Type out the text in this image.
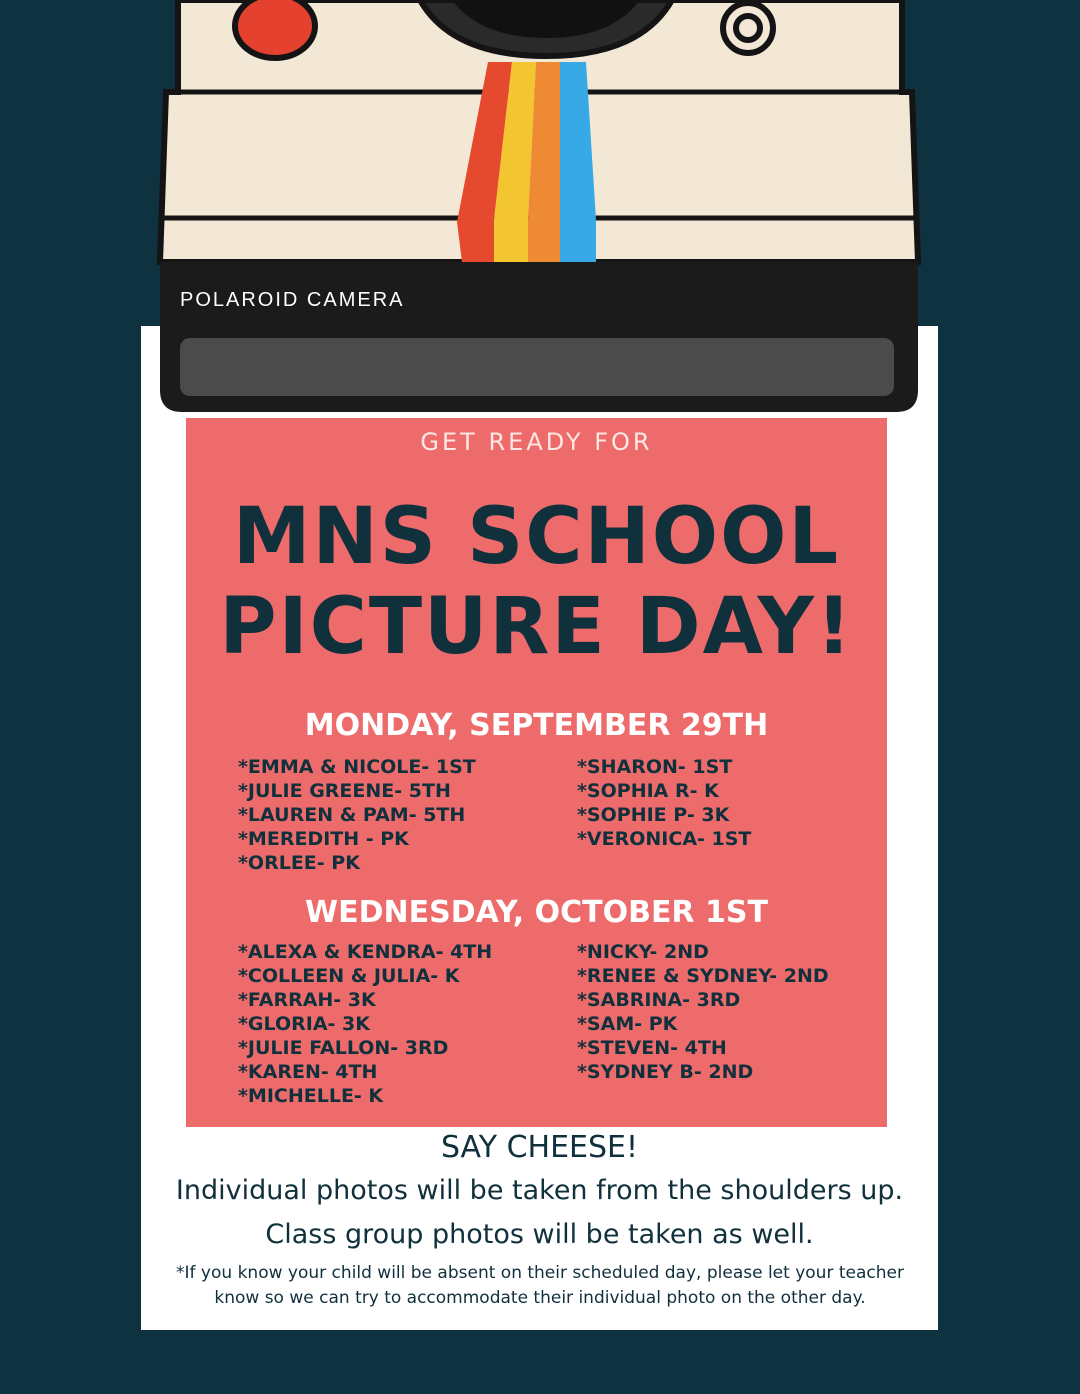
POLAROID CAMERA
GET READY FOR
MNS SCHOOL
PICTURE DAY!
MONDAY, SEPTEMBER 29TH
*EMMA & NICOLE- 1ST
*JULIE GREENE- 5TH
*LAUREN & PAM- 5TH
*MEREDITH - PK
*ORLEE- PK
*SHARON- 1ST
*SOPHIA R- K
*SOPHIE P- 3K
*VERONICA- 1ST
WEDNESDAY, OCTOBER 1ST
*ALEXA & KENDRA- 4TH
*COLLEEN & JULIA- K
*FARRAH- 3K
*GLORIA- 3K
*JULIE FALLON- 3RD
*KAREN- 4TH
*MICHELLE- K
*NICKY- 2ND
*RENEE & SYDNEY- 2ND
*SABRINA- 3RD
*SAM- PK
*STEVEN- 4TH
*SYDNEY B- 2ND
SAY CHEESE!
Individual photos will be taken from the shoulders up.
Class group photos will be taken as well.
*If you know your child will be absent on their scheduled day, please let your teacher
know so we can try to accommodate their individual photo on the other day.
